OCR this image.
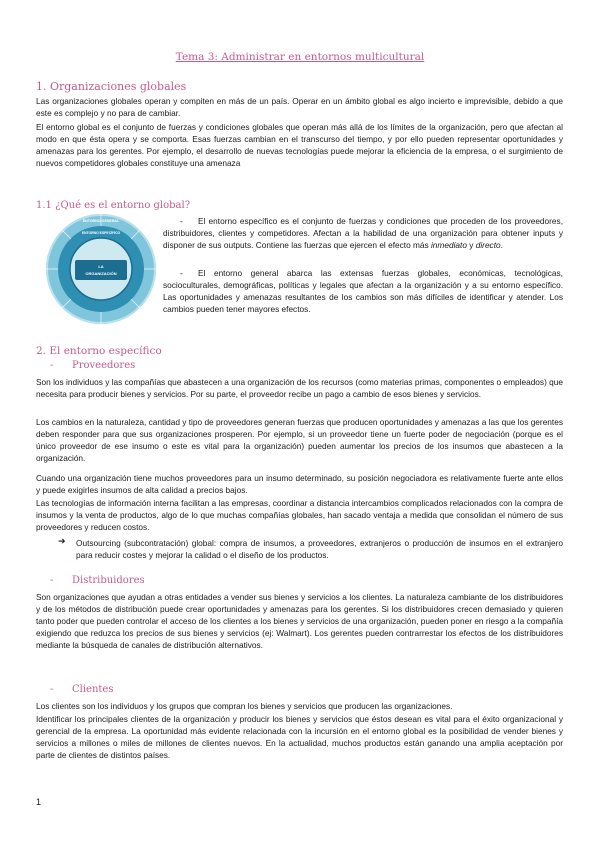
Tema 3: Administrar en entornos multicultural
1. Organizaciones globales

Las organizaciones globales operan y compiten en más de un país. Operar en un ámbito global es algo incierto e imprevisible, debido a que este es complejo y no para de cambiar.

El entorno global es el conjunto de fuerzas y condiciones globales que operan más allá de los límites de la organización, pero que afectan al modo en que ésta opera y se comporta. Esas fuerzas cambian en el transcurso del tiempo, y por ello pueden representar oportunidades y amenazas para los gerentes. Por ejemplo, el desarrollo de nuevas tecnologías puede mejorar la eficiencia de la empresa, o el surgimiento de nuevos competidores globales constituye una amenaza

1.1 ¿Qué es el entorno global?
ENTORNO GENERAL
ENTORNO ESPECÍFICO
LA
ORGANIZACIÓN
-	El entorno específico es el conjunto de fuerzas y condiciones que proceden de los proveedores, distribuidores, clientes y competidores. Afectan a la habilidad de una organización para obtener inputs y disponer de sus outputs. Contiene las fuerzas que ejercen el efecto más inmediato y directo.

-	El entorno general abarca las extensas fuerzas globales, económicas, tecnológicas, socioculturales, demográficas, políticas y legales que afectan a la organización y a su entorno específico. Las oportunidades y amenazas resultantes de los cambios son más difíciles de identificar y atender. Los cambios pueden tener mayores efectos.

2. El entorno específico
- Proveedores

Son los individuos y las compañías que abastecen a una organización de los recursos (como materias primas, componentes o empleados) que necesita para producir bienes y servicios. Por su parte, el proveedor recibe un pago a cambio de esos bienes y servicios.

Los cambios en la naturaleza, cantidad y tipo de proveedores generan fuerzas que producen oportunidades y amenazas a las que los gerentes deben responder para que sus organizaciones prosperen. Por ejemplo, si un proveedor tiene un fuerte poder de negociación (porque es el único proveedor de ese insumo o este es vital para la organización) pueden aumentar los precios de los insumos que abastecen a la organización.

Cuando una organización tiene muchos proveedores para un insumo determinado, su posición negociadora es relativamente fuerte ante ellos y puede exigirles insumos de alta calidad a precios bajos.

Las tecnologías de información interna facilitan a las empresas, coordinar a distancia intercambios complicados relacionados con la compra de insumos y la venta de productos, algo de lo que muchas compañías globales, han sacado ventaja a medida que consolidan el número de sus proveedores y reducen costos.

➔ Outsourcing (subcontratación) global: compra de insumos, a proveedores, extranjeros o producción de insumos en el extranjero para reducir costes y mejorar la calidad o el diseño de los productos.

- Distribuidores

Son organizaciones que ayudan a otras entidades a vender sus bienes y servicios a los clientes. La naturaleza cambiante de los distribuidores y de los métodos de distribución puede crear oportunidades y amenazas para los gerentes. Si los distribuidores crecen demasiado y quieren tanto poder que pueden controlar el acceso de los clientes a los bienes y servicios de una organización, pueden poner en riesgo a la compañía exigiendo que reduzca los precios de sus bienes y servicios (ej: Walmart). Los gerentes pueden contrarrestar los efectos de los distribuidores mediante la búsqueda de canales de distribución alternativos.

- Clientes

Los clientes son los individuos y los grupos que compran los bienes y servicios que producen las organizaciones.

Identificar los principales clientes de la organización y producir los bienes y servicios que éstos desean es vital para el éxito organizacional y gerencial de la empresa. La oportunidad más evidente relacionada con la incursión en el entorno global es la posibilidad de vender bienes y servicios a millones o miles de millones de clientes nuevos. En la actualidad, muchos productos están ganando una amplia aceptación por parte de clientes de distintos países.

1
